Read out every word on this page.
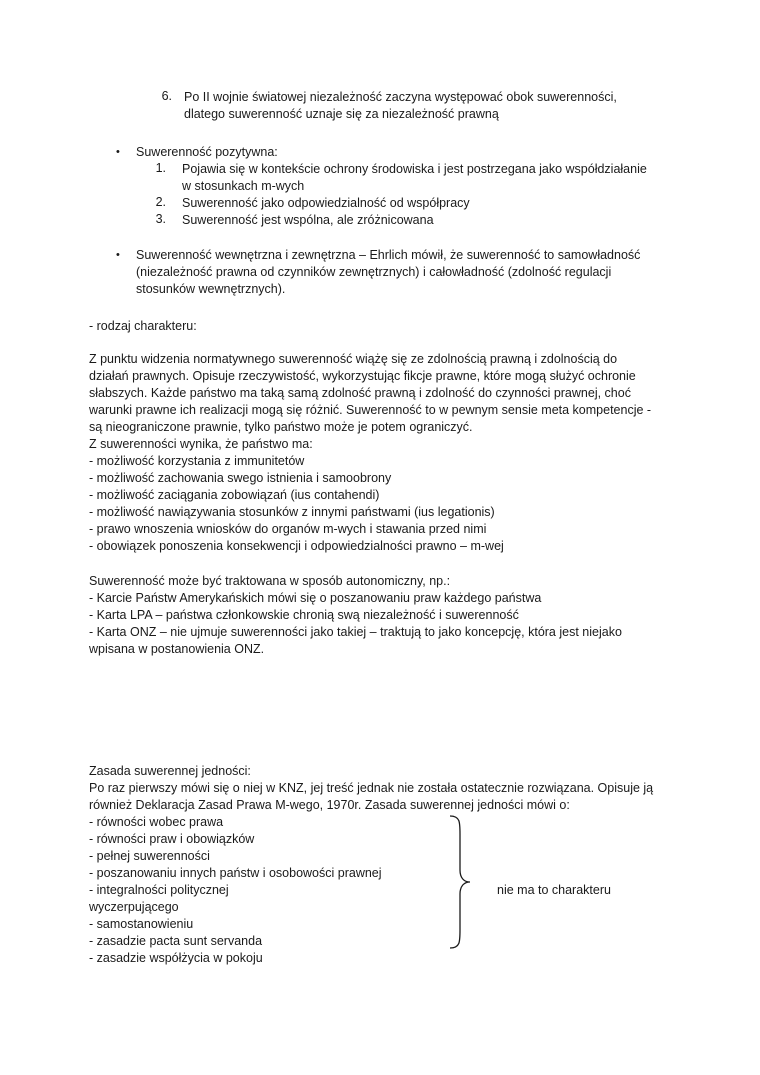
6. Po II wojnie światowej niezależność zaczyna występować obok suwerenności,
dlatego suwerenność uznaje się za niezależność prawną
• Suwerenność pozytywna:
1. Pojawia się w kontekście ochrony środowiska i jest postrzegana jako współdziałanie
w stosunkach m-wych
2. Suwerenność jako odpowiedzialność od współpracy
3. Suwerenność jest wspólna, ale zróżnicowana
• Suwerenność wewnętrzna i zewnętrzna – Ehrlich mówił, że suwerenność to samowładność
(niezależność prawna od czynników zewnętrznych) i całowładność (zdolność regulacji
stosunków wewnętrznych).
- rodzaj charakteru:
Z punktu widzenia normatywnego suwerenność wiążę się ze zdolnością prawną i zdolnością do
działań prawnych. Opisuje rzeczywistość, wykorzystując fikcje prawne, które mogą służyć ochronie
słabszych. Każde państwo ma taką samą zdolność prawną i zdolność do czynności prawnej, choć
warunki prawne ich realizacji mogą się różnić. Suwerenność to w pewnym sensie meta kompetencje -
są nieograniczone prawnie, tylko państwo może je potem ograniczyć.
Z suwerenności wynika, że państwo ma:
- możliwość korzystania z immunitetów
- możliwość zachowania swego istnienia i samoobrony
- możliwość zaciągania zobowiązań (ius contahendi)
- możliwość nawiązywania stosunków z innymi państwami (ius legationis)
- prawo wnoszenia wniosków do organów m-wych i stawania przed nimi
- obowiązek ponoszenia konsekwencji i odpowiedzialności prawno – m-wej
Suwerenność może być traktowana w sposób autonomiczny, np.:
- Karcie Państw Amerykańskich mówi się o poszanowaniu praw każdego państwa
- Karta LPA – państwa członkowskie chronią swą niezależność i suwerenność
- Karta ONZ – nie ujmuje suwerenności jako takiej – traktują to jako koncepcję, która jest niejako
wpisana w postanowienia ONZ.
Zasada suwerennej jedności:
Po raz pierwszy mówi się o niej w KNZ, jej treść jednak nie została ostatecznie rozwiązana. Opisuje ją
również Deklaracja Zasad Prawa M-wego, 1970r. Zasada suwerennej jedności mówi o:
- równości wobec prawa
- równości praw i obowiązków
- pełnej suwerenności
- poszanowaniu innych państw i osobowości prawnej
- integralności politycznej
wyczerpującego
- samostanowieniu
- zasadzie pacta sunt servanda
- zasadzie współżycia w pokoju
nie ma to charakteru
